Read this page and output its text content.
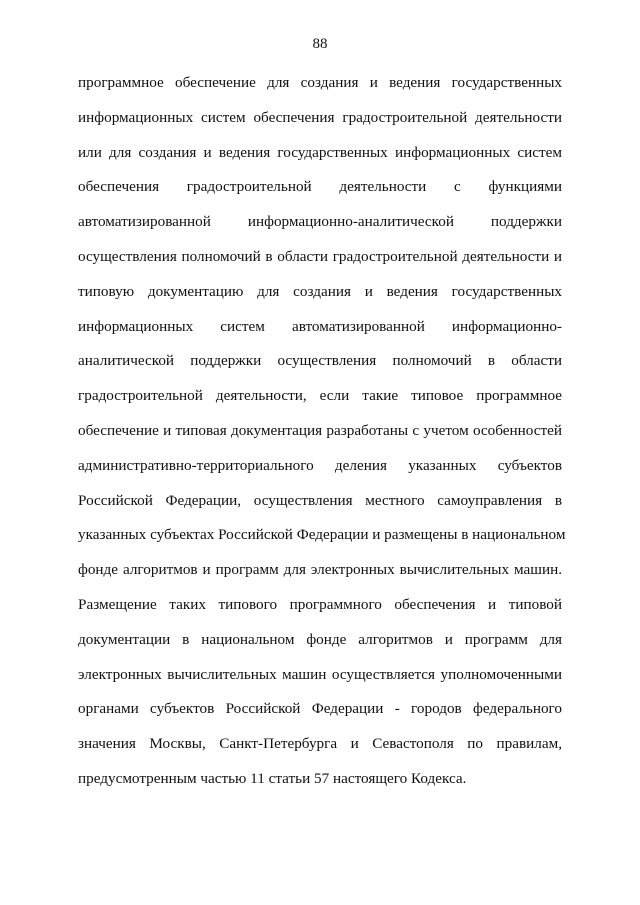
88
программное обеспечение для создания и ведения государственных
информационных систем обеспечения градостроительной деятельности
или для создания и ведения государственных информационных систем
обеспечения градостроительной деятельности с функциями
автоматизированной информационно-аналитической поддержки
осуществления полномочий в области градостроительной деятельности и
типовую документацию для создания и ведения государственных
информационных систем автоматизированной информационно-
аналитической поддержки осуществления полномочий в области
градостроительной деятельности, если такие типовое программное
обеспечение и типовая документация разработаны с учетом особенностей
административно-территориального деления указанных субъектов
Российской Федерации, осуществления местного самоуправления в
указанных субъектах Российской Федерации и размещены в национальном
фонде алгоритмов и программ для электронных вычислительных машин.
Размещение таких типового программного обеспечения и типовой
документации в национальном фонде алгоритмов и программ для
электронных вычислительных машин осуществляется уполномоченными
органами субъектов Российской Федерации - городов федерального
значения Москвы, Санкт-Петербурга и Севастополя по правилам,
предусмотренным частью 11 статьи 57 настоящего Кодекса.
